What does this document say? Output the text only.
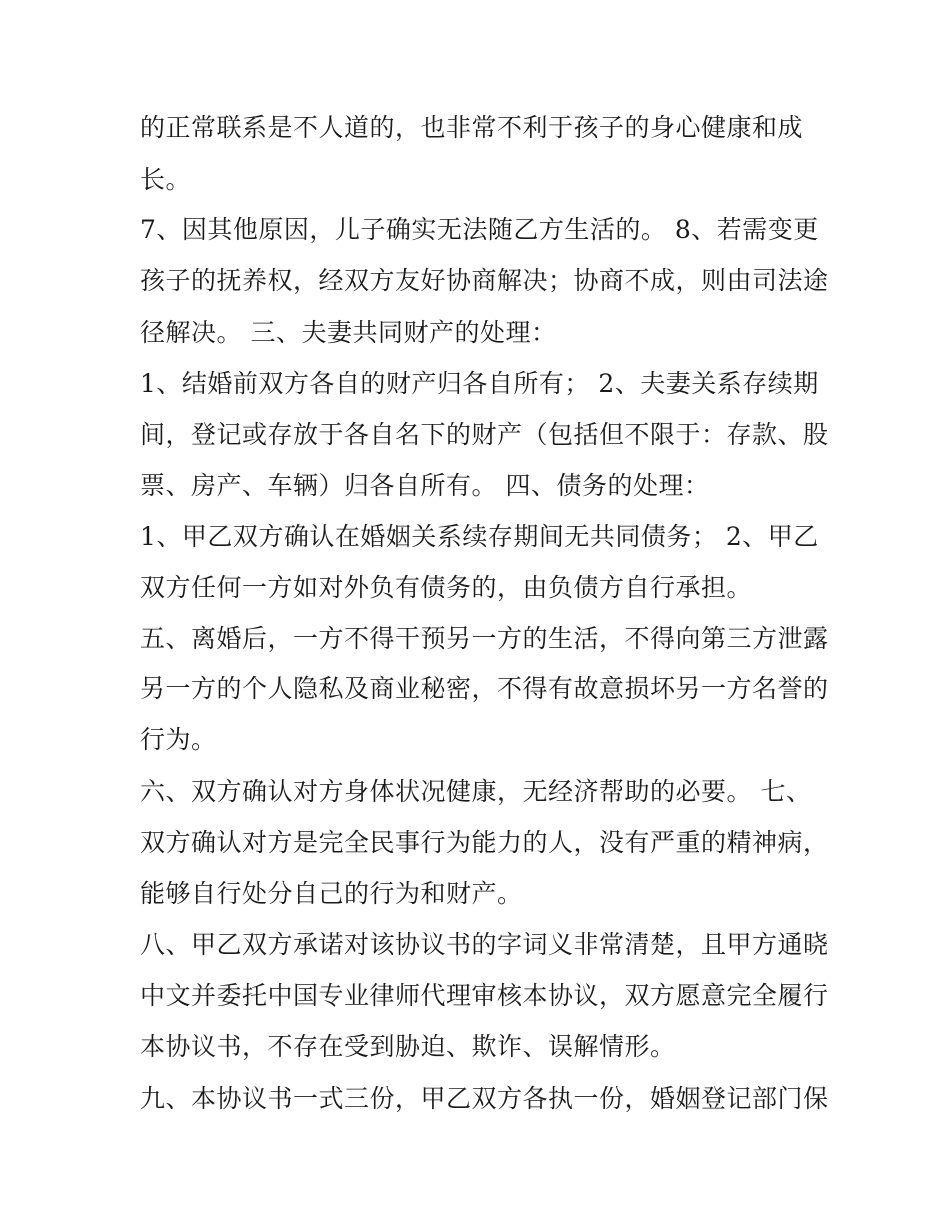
的正常联系是不人道的，也非常不利于孩子的身心健康和成
长。
7、因其他原因，儿子确实无法随乙方生活的。 8、若需变更
孩子的抚养权，经双方友好协商解决；协商不成，则由司法途
径解决。 三、夫妻共同财产的处理：
1、结婚前双方各自的财产归各自所有； 2、夫妻关系存续期
间，登记或存放于各自名下的财产（包括但不限于：存款、股
票、房产、车辆）归各自所有。 四、债务的处理：
1、甲乙双方确认在婚姻关系续存期间无共同债务； 2、甲乙
双方任何一方如对外负有债务的，由负债方自行承担。
五、离婚后，一方不得干预另一方的生活，不得向第三方泄露
另一方的个人隐私及商业秘密，不得有故意损坏另一方名誉的
行为。
六、双方确认对方身体状况健康，无经济帮助的必要。 七、
双方确认对方是完全民事行为能力的人，没有严重的精神病，
能够自行处分自己的行为和财产。
八、甲乙双方承诺对该协议书的字词义非常清楚，且甲方通晓
中文并委托中国专业律师代理审核本协议，双方愿意完全履行
本协议书，不存在受到胁迫、欺诈、误解情形。
九、本协议书一式三份，甲乙双方各执一份，婚姻登记部门保
